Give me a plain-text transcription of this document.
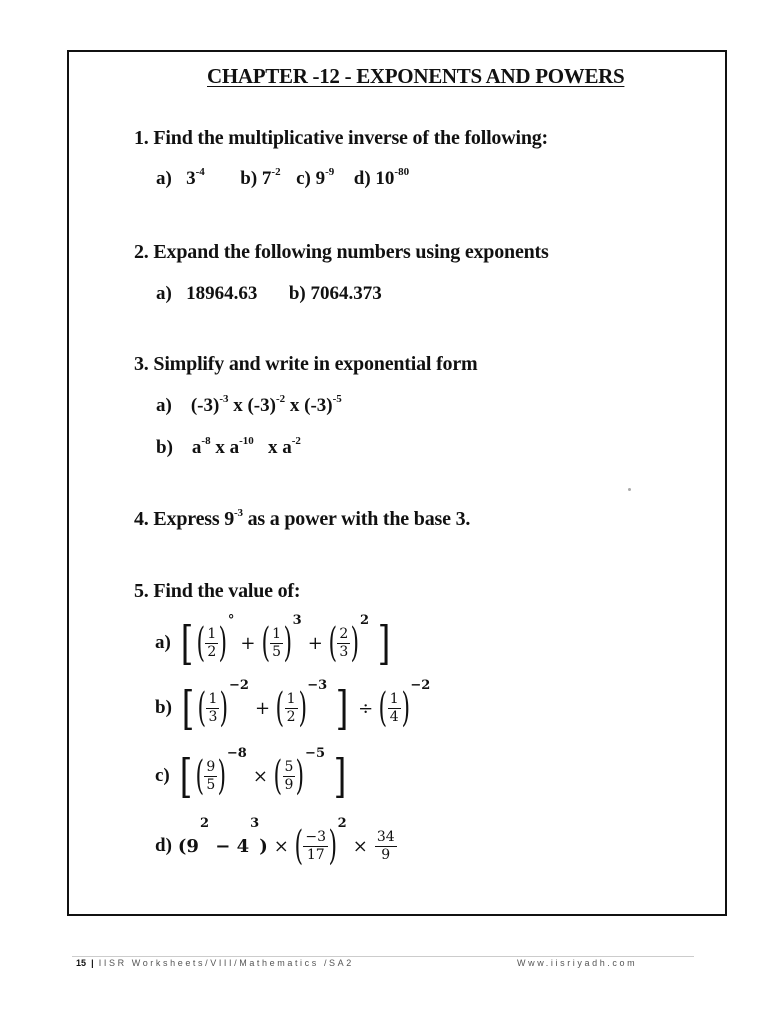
CHAPTER -12 - EXPONENTS AND POWERS
1. Find the multiplicative inverse of the following:
a) $3^{-4}$ b) $7^{-2}$ c) $9^{-9}$ d) $10^{-80}$
2. Expand the following numbers using exponents
a) 18964.63 b) 7064.373
3. Simplify and write in exponential form
a) $(-3)^{-3}$ x $(-3)^{-2}$ x $(-3)^{-5}$
b) $a^{-8}$ x $a^{-10}$   x $a^{-2}$
4. Express $9^{-3}$ as a power with the base 3.
5. Find the value of:
a) [ ( $\frac{1}{2}$ ) °
+ ( $\frac{1}{5}$ ) 3
+ ( $\frac{2}{3}$ ) 2 ]
b) [ ( $\frac{1}{3}$ ) −2
+ ( $\frac{1}{2}$ ) −3 ] ÷ ( $\frac{1}{4}$ ) −2
c) [ ( $\frac{9}{5}$ ) −8
× ( $\frac{5}{9}$ ) −5 ]
d) (9
2
− 4
3
) × ( $\frac{-3}{17}$ ) 2
× $\frac{34}{9}$
15 | IISR Worksheets/VIII/Mathematics /SA2	Www.iisriyadh.com
